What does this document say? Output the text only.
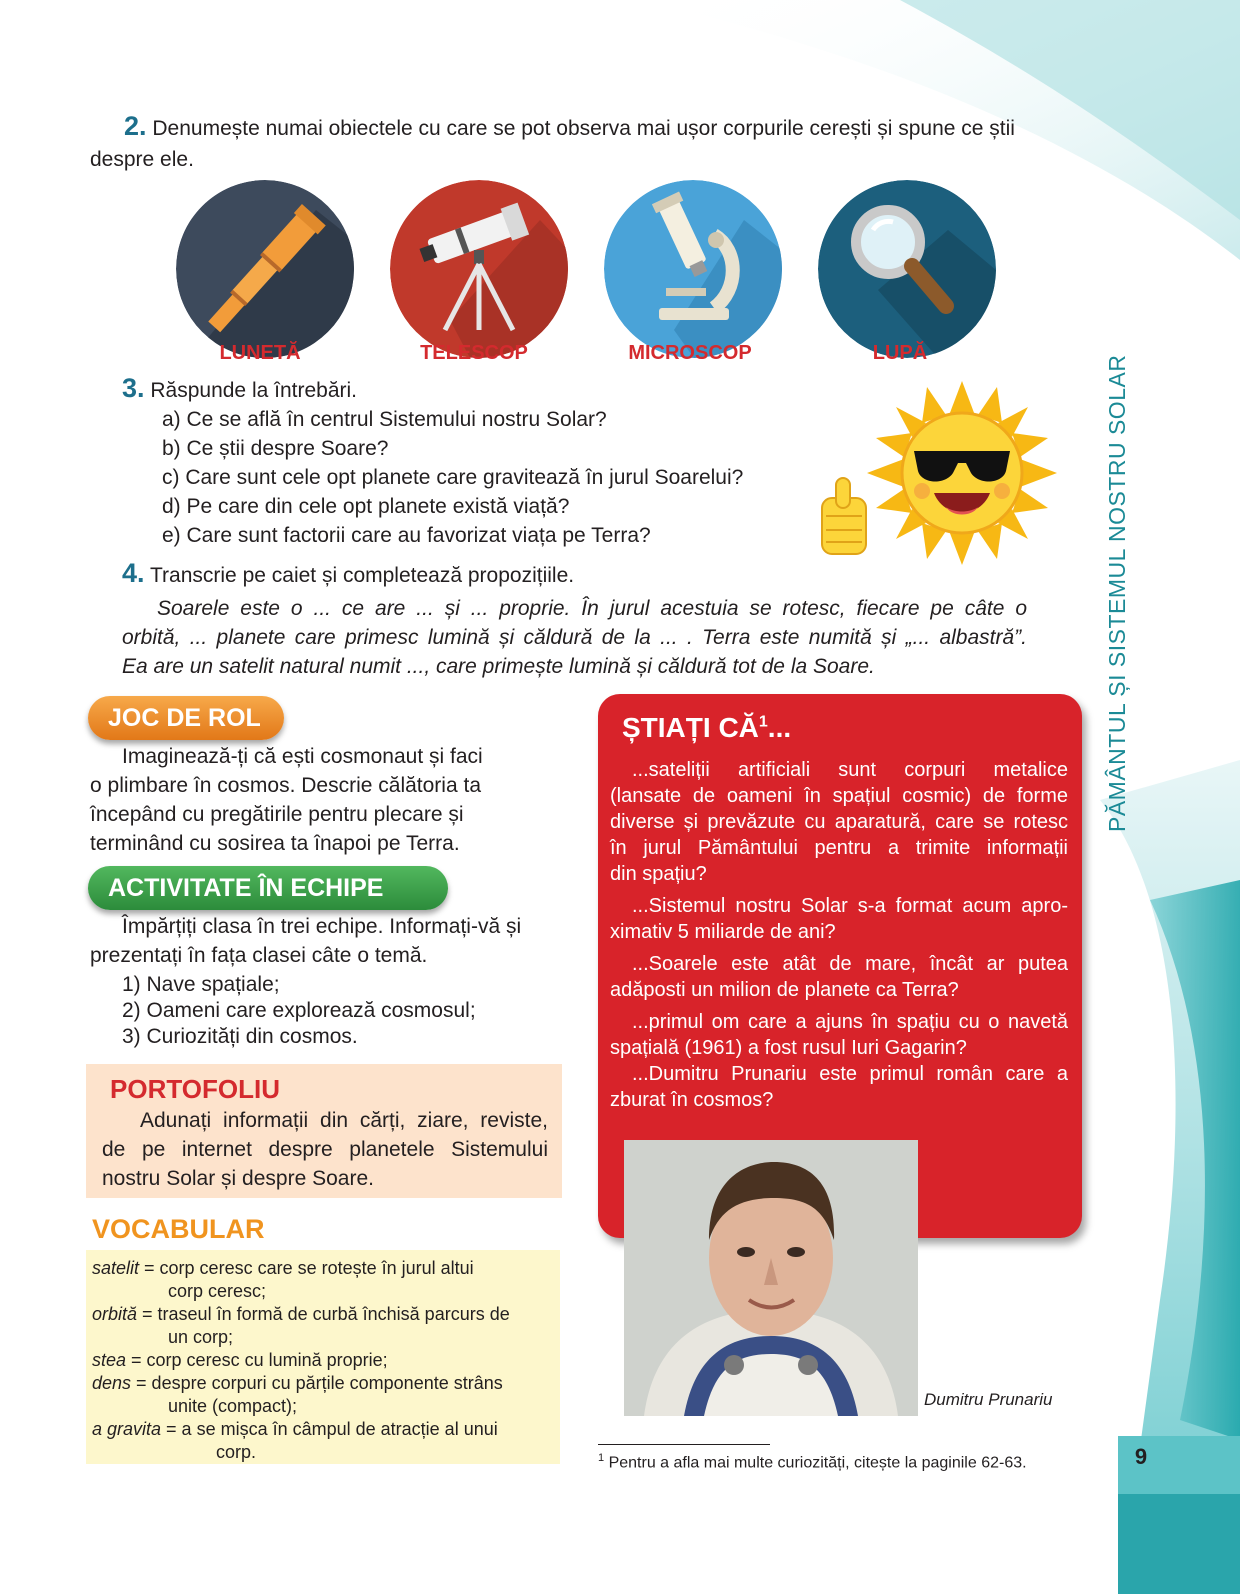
2. Denumește numai obiectele cu care se pot observa mai ușor corpurile cerești și spune ce știi
despre ele.
LUNETĂ	TELESCOP	MICROSCOP	LUPĂ
3. Răspunde la întrebări.
a) Ce se află în centrul Sistemului nostru Solar?
b) Ce știi despre Soare?
c) Care sunt cele opt planete care gravitează în jurul Soarelui?
d) Pe care din cele opt planete există viață?
e) Care sunt factorii care au favorizat viața pe Terra?
4. Transcrie pe caiet și completează propozițiile.
Soarele este o ... ce are ... și ... proprie. În jurul acestuia se rotesc, fiecare pe câte o
orbită, ... planete care primesc lumină și căldură de la ... . Terra este numită și „... albastră”.
Ea are un satelit natural numit ..., care primește lumină și căldură tot de la Soare.
JOC DE ROL
Imaginează-ți că ești cosmonaut și faci
o plimbare în cosmos. Descrie călătoria ta
începând cu pregătirile pentru plecare și
terminând cu sosirea ta înapoi pe Terra.
ACTIVITATE ÎN ECHIPE
Împărțiți clasa în trei echipe. Informați-vă și
prezentați în fața clasei câte o temă.
1) Nave spațiale;
2) Oameni care explorează cosmosul;
3) Curiozități din cosmos.
PORTOFOLIU
Adunați informații din cărți, ziare, reviste,
de pe internet despre planetele Sistemului
nostru Solar și despre Soare.
VOCABULAR
satelit = corp ceresc care se rotește în jurul altui
corp ceresc;
orbită = traseul în formă de curbă închisă parcurs de
un corp;
stea = corp ceresc cu lumină proprie;
dens = despre corpuri cu părțile componente strâns
unite (compact);
a gravita = a se mișca în câmpul de atracție al unui
corp.
ȘTIAȚI $CĂ^1$...
...sateliții artificiali sunt corpuri metalice
(lansate de oameni în spațiul cosmic) de forme
diverse și prevăzute cu aparatură, care se rotesc
în jurul Pământului pentru a trimite informații
din spațiu?
...Sistemul nostru Solar s-a format acum apro-
ximativ 5 miliarde de ani?
...Soarele este atât de mare, încât ar putea
adăposti un milion de planete ca Terra?
...primul om care a ajuns în spațiu cu o navetă
spațială (1961) a fost rusul Iuri Gagarin?
...Dumitru Prunariu este primul român care a
zburat în cosmos?
Dumitru Prunariu
$^1$ Pentru a afla mai multe curiozități, citește la paginile 62-63.
PĂMÂNTUL ȘI SISTEMUL NOSTRU SOLAR
9
